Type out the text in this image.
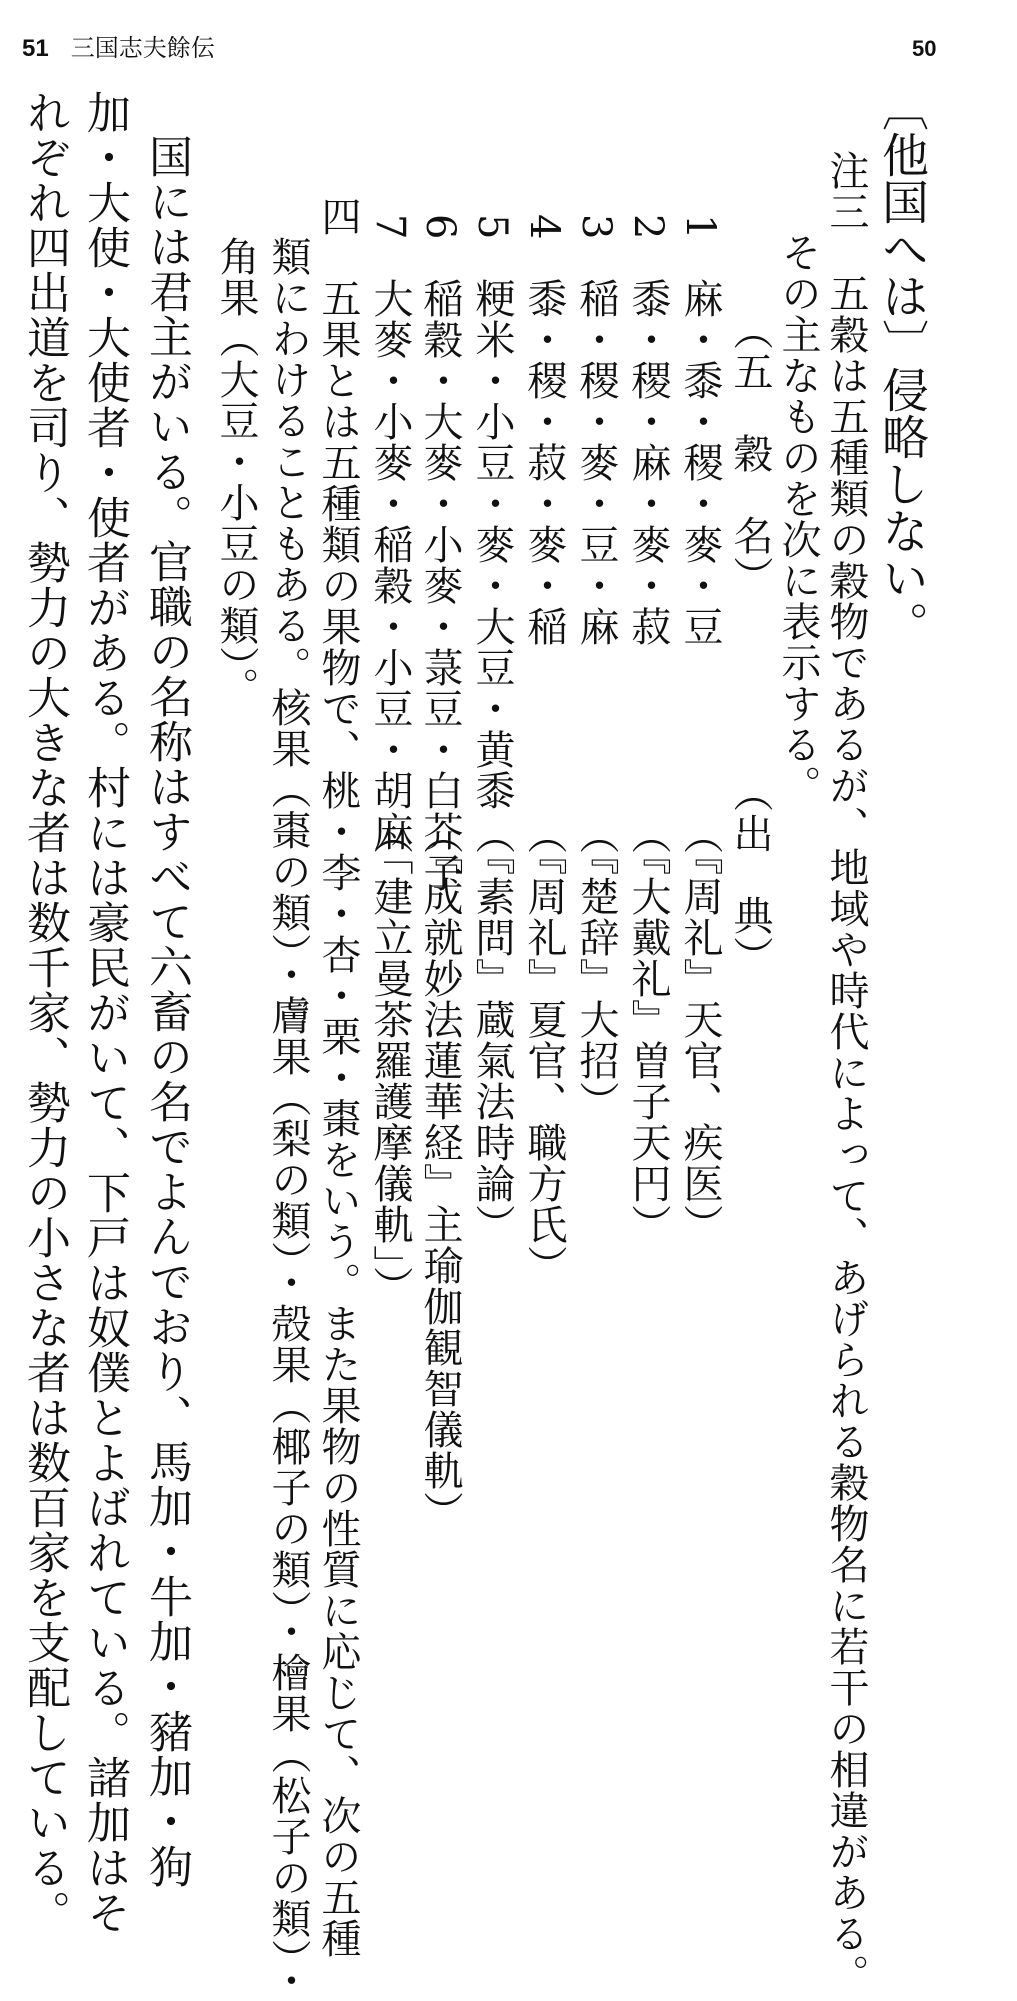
50
51 三国志夫餘伝
〔他国へは〕侵略しない。
注三　五穀は五種類の穀物であるが、地域や時代によって、あげられる穀物名に若干の相違がある。
その主なものを次に表示する。
（五　穀　名）
（出　典）
1
麻・黍・稷・麥・豆
（『周礼』天官、疾医）
2
黍・稷・麻・麥・菽
（『大戴礼』曽子天円）
3
稲・稷・麥・豆・麻
（『楚辞』大招）
4
黍・稷・菽・麥・稲
（『周礼』夏官、職方氏）
5
粳米・小豆・麥・大豆・黄黍
（『素問』蔵氣法時論）
6
稲穀・大麥・小麥・菉豆・白芥子
（『成就妙法蓮華経』主瑜伽観智儀軌）
7
大麥・小麥・稲穀・小豆・胡麻
（「建立曼茶羅護摩儀軌」）
四　五果とは五種類の果物で、桃・李・杏・栗・棗をいう。また果物の性質に応じて、次の五種
類にわけることもある。核果（棗の類）・膚果（梨の類）・殻果（椰子の類）・檜果（松子の類）・
角果（大豆・小豆の類）。
国には君主がいる。官職の名称はすべて六畜の名でよんでおり、馬加・牛加・豬加・狗
加・大使・大使者・使者がある。村には豪民がいて、下戸は奴僕とよばれている。諸加はそ
れぞれ四出道を司り、勢力の大きな者は数千家、勢力の小さな者は数百家を支配している。
